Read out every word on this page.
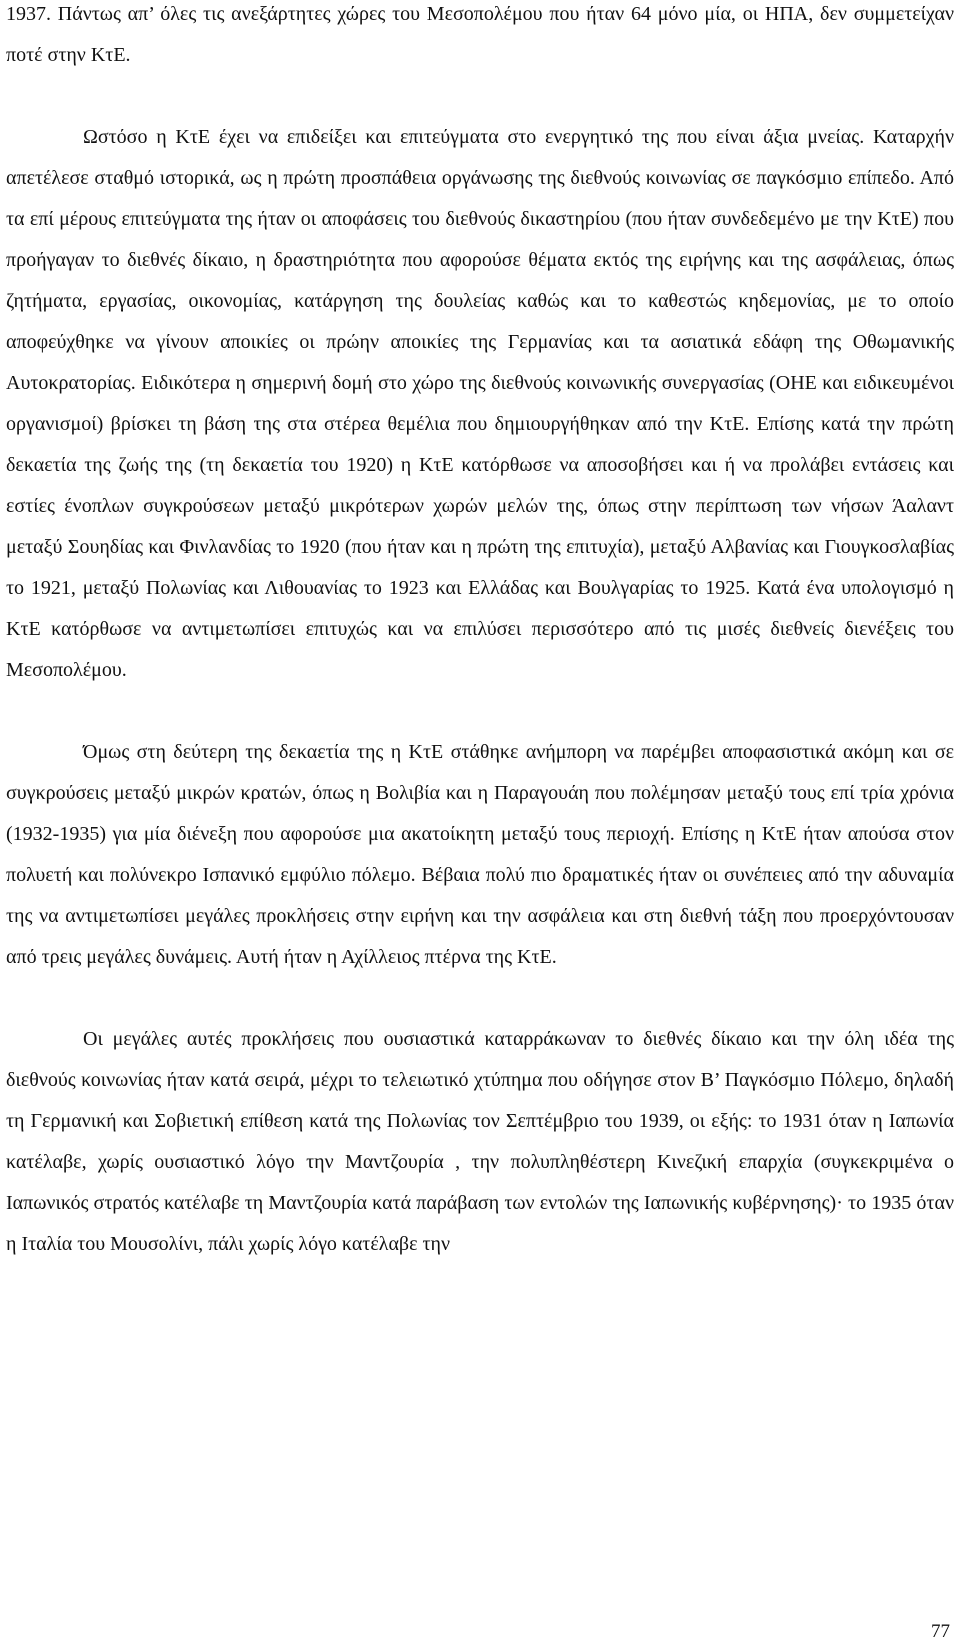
1937. Πάντως απ’ όλες τις ανεξάρτητες χώρες του Μεσοπολέμου που ήταν 64 μόνο μία, οι ΗΠΑ, δεν συμμετείχαν ποτέ στην ΚτΕ.

Ωστόσο η ΚτΕ έχει να επιδείξει και επιτεύγματα στο ενεργητικό της που είναι άξια μνείας. Καταρχήν απετέλεσε σταθμό ιστορικά, ως η πρώτη προσπάθεια οργάνωσης της διεθνούς κοινωνίας σε παγκόσμιο επίπεδο. Από τα επί μέρους επιτεύγματα της ήταν οι αποφάσεις του διεθνούς δικαστηρίου (που ήταν συνδεδεμένο με την ΚτΕ) που προήγαγαν το διεθνές δίκαιο, η δραστηριότητα που αφορούσε θέματα εκτός της ειρήνης και της ασφάλειας, όπως ζητήματα, εργασίας, οικονομίας, κατάργηση της δουλείας καθώς και το καθεστώς κηδεμονίας, με το οποίο αποφεύχθηκε να γίνουν αποικίες οι πρώην αποικίες της Γερμανίας και τα ασιατικά εδάφη της Οθωμανικής Αυτοκρατορίας. Ειδικότερα η σημερινή δομή στο χώρο της διεθνούς κοινωνικής συνεργασίας (ΟΗΕ και ειδικευμένοι οργανισμοί) βρίσκει τη βάση της στα στέρεα θεμέλια που δημιουργήθηκαν από την ΚτΕ. Επίσης κατά την πρώτη δεκαετία της ζωής της (τη δεκαετία του 1920) η ΚτΕ κατόρθωσε να αποσοβήσει και ή να προλάβει εντάσεις και εστίες ένοπλων συγκρούσεων μεταξύ μικρότερων χωρών μελών της, όπως στην περίπτωση των νήσων Άαλαντ μεταξύ Σουηδίας και Φινλανδίας το 1920 (που ήταν και η πρώτη της επιτυχία), μεταξύ Αλβανίας και Γιουγκοσλαβίας το 1921, μεταξύ Πολωνίας και Λιθουανίας το 1923 και Ελλάδας και Βουλγαρίας το 1925. Κατά ένα υπολογισμό η ΚτΕ κατόρθωσε να αντιμετωπίσει επιτυχώς και να επιλύσει περισσότερο από τις μισές διεθνείς διενέξεις του Μεσοπολέμου.

Όμως στη δεύτερη της δεκαετία της η ΚτΕ στάθηκε ανήμπορη να παρέμβει αποφασιστικά ακόμη και σε συγκρούσεις μεταξύ μικρών κρατών, όπως η Βολιβία και η Παραγουάη που πολέμησαν μεταξύ τους επί τρία χρόνια (1932-1935) για μία διένεξη που αφορούσε μια ακατοίκητη μεταξύ τους περιοχή. Επίσης η ΚτΕ ήταν απούσα στον πολυετή και πολύνεκρο Ισπανικό εμφύλιο πόλεμο. Βέβαια πολύ πιο δραματικές ήταν οι συνέπειες από την αδυναμία της να αντιμετωπίσει μεγάλες προκλήσεις στην ειρήνη και την ασφάλεια και στη διεθνή τάξη που προερχόντουσαν από τρεις μεγάλες δυνάμεις. Αυτή ήταν η Αχίλλειος πτέρνα της ΚτΕ.

Οι μεγάλες αυτές προκλήσεις που ουσιαστικά καταρράκωναν το διεθνές δίκαιο και την όλη ιδέα της διεθνούς κοινωνίας ήταν κατά σειρά, μέχρι το τελειωτικό χτύπημα που οδήγησε στον Β’ Παγκόσμιο Πόλεμο, δηλαδή τη Γερμανική και Σοβιετική επίθεση κατά της Πολωνίας τον Σεπτέμβριο του 1939, οι εξής: το 1931 όταν η Ιαπωνία κατέλαβε, χωρίς ουσιαστικό λόγο την Μαντζουρία , την πολυπληθέστερη Κινεζική επαρχία (συγκεκριμένα ο Ιαπωνικός στρατός κατέλαβε τη Μαντζουρία κατά παράβαση των εντολών της Ιαπωνικής κυβέρνησης)· το 1935 όταν η Ιταλία του Μουσολίνι, πάλι χωρίς λόγο κατέλαβε την

77
